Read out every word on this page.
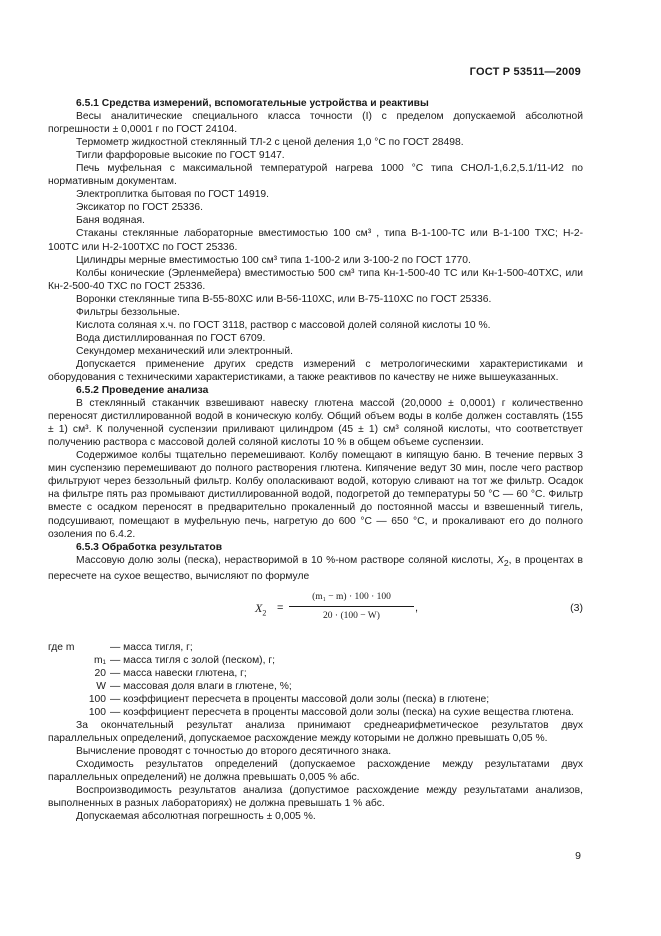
ГОСТ Р 53511—2009

6.5.1 Средства измерений, вспомогательные устройства и реактивы

Весы аналитические специального класса точности (I) с пределом допускаемой абсолютной погрешности ± 0,0001 г по ГОСТ 24104.

Термометр жидкостной стеклянный ТЛ-2 с ценой деления 1,0 °С по ГОСТ 28498.

Тигли фарфоровые высокие по ГОСТ 9147.

Печь муфельная с максимальной температурой нагрева 1000 °С типа СНОЛ-1,6.2,5.1/11-И2 по нормативным документам.

Электроплитка бытовая по ГОСТ 14919.

Эксикатор по ГОСТ 25336.

Баня водяная.

Стаканы стеклянные лабораторные вместимостью 100 см³ , типа В-1-100-ТС или В-1-100 ТХС; Н-2-100ТС или Н-2-100ТХС по ГОСТ 25336.

Цилиндры мерные вместимостью 100 см³ типа 1-100-2 или 3-100-2 по ГОСТ 1770.

Колбы конические (Эрленмейера) вместимостью 500 см³ типа Кн-1-500-40 ТС или Кн-1-500-40ТХС, или Кн-2-500-40 ТХС по ГОСТ 25336.

Воронки стеклянные типа В-55-80ХС или В-56-110ХС, или В-75-110ХС по ГОСТ 25336.

Фильтры беззольные.

Кислота соляная х.ч. по ГОСТ 3118, раствор с массовой долей соляной кислоты 10 %.

Вода дистиллированная по ГОСТ 6709.

Секундомер механический или электронный.

Допускается применение других средств измерений с метрологическими характеристиками и оборудования с техническими характеристиками, а также реактивов по качеству не ниже вышеуказанных.

6.5.2 Проведение анализа

В стеклянный стаканчик взвешивают навеску глютена массой (20,0000 ± 0,0001) г количественно переносят дистиллированной водой в коническую колбу. Общий объем воды в колбе должен составлять (155 ± 1) см³. К полученной суспензии приливают цилиндром (45 ± 1) см³ соляной кислоты, что соответствует получению раствора с массовой долей соляной кислоты 10 % в общем объеме суспензии.

Содержимое колбы тщательно перемешивают. Колбу помещают в кипящую баню. В течение первых 3 мин суспензию перемешивают до полного растворения глютена. Кипячение ведут 30 мин, после чего раствор фильтруют через беззольный фильтр. Колбу ополаскивают водой, которую сливают на тот же фильтр. Осадок на фильтре пять раз промывают дистиллированной водой, подогретой до температуры 50 °С — 60 °С. Фильтр вместе с осадком переносят в предварительно прокаленный до постоянной массы и взвешенный тигель, подсушивают, помещают в муфельную печь, нагретую до 600 °С — 650 °С, и прокаливают его до полного озоления по 6.4.2.

6.5.3 Обработка результатов

Массовую долю золы (песка), нерастворимой в 10 %-ном растворе соляной кислоты, $X_2$, в процентах в пересчете на сухое вещество, вычисляют по формуле

$X_2 = \frac{\text{(m₁ − m) · 100 · 100}}{20 \cdot (100 - W)}$ ,	(3)
где m	— масса тигля, г;
m₁ — масса тигля с золой (песком), г;
20 — масса навески глютена, г;
W — массовая доля влаги в глютене, %;
100 — коэффициент пересчета в проценты массовой доли золы (песка) в глютене;
100 — коэффициент пересчета в проценты массовой доли золы (песка) на сухие вещества глютена.

За окончательный результат анализа принимают среднеарифметическое результатов двух параллельных определений, допускаемое расхождение между которыми не должно превышать 0,05 %.

Вычисление проводят с точностью до второго десятичного знака.

Сходимость результатов определений (допускаемое расхождение между результатами двух параллельных определений) не должна превышать 0,005 % абс.

Воспроизводимость результатов анализа (допустимое расхождение между результатами анализов, выполненных в разных лабораториях) не должна превышать 1 % абс.

Допускаемая абсолютная погрешность ± 0,005 %.

9
